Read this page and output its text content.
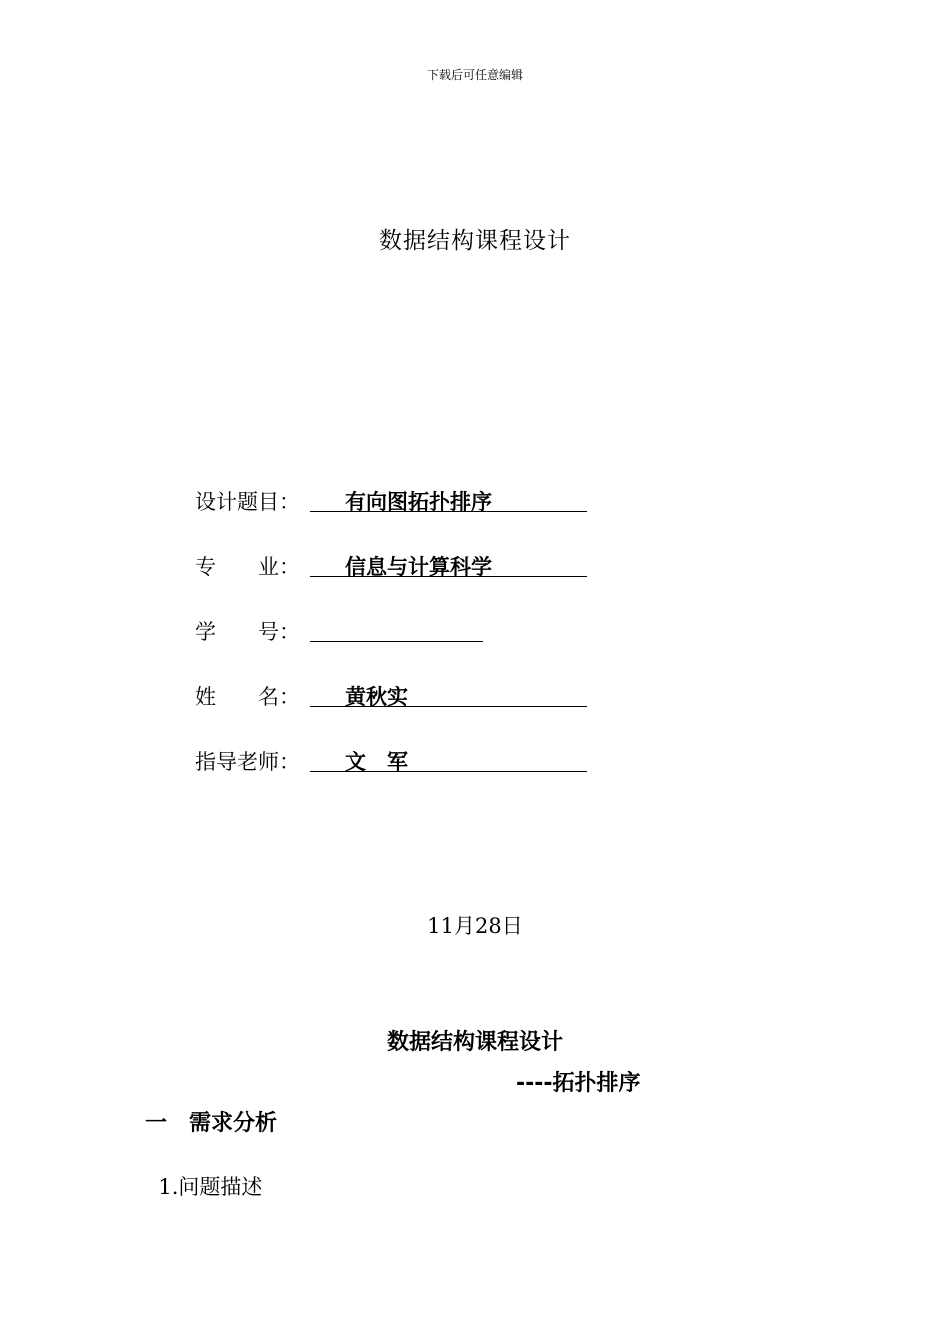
下载后可任意编辑
数据结构课程设计
设计题目： 有向图拓扑排序
专　　业： 信息与计算科学
学　　号：
姓　　名： 黄秋实
指导老师： 文　军
11月28日
数据结构课程设计
----拓扑排序
一　需求分析

1.问题描述
